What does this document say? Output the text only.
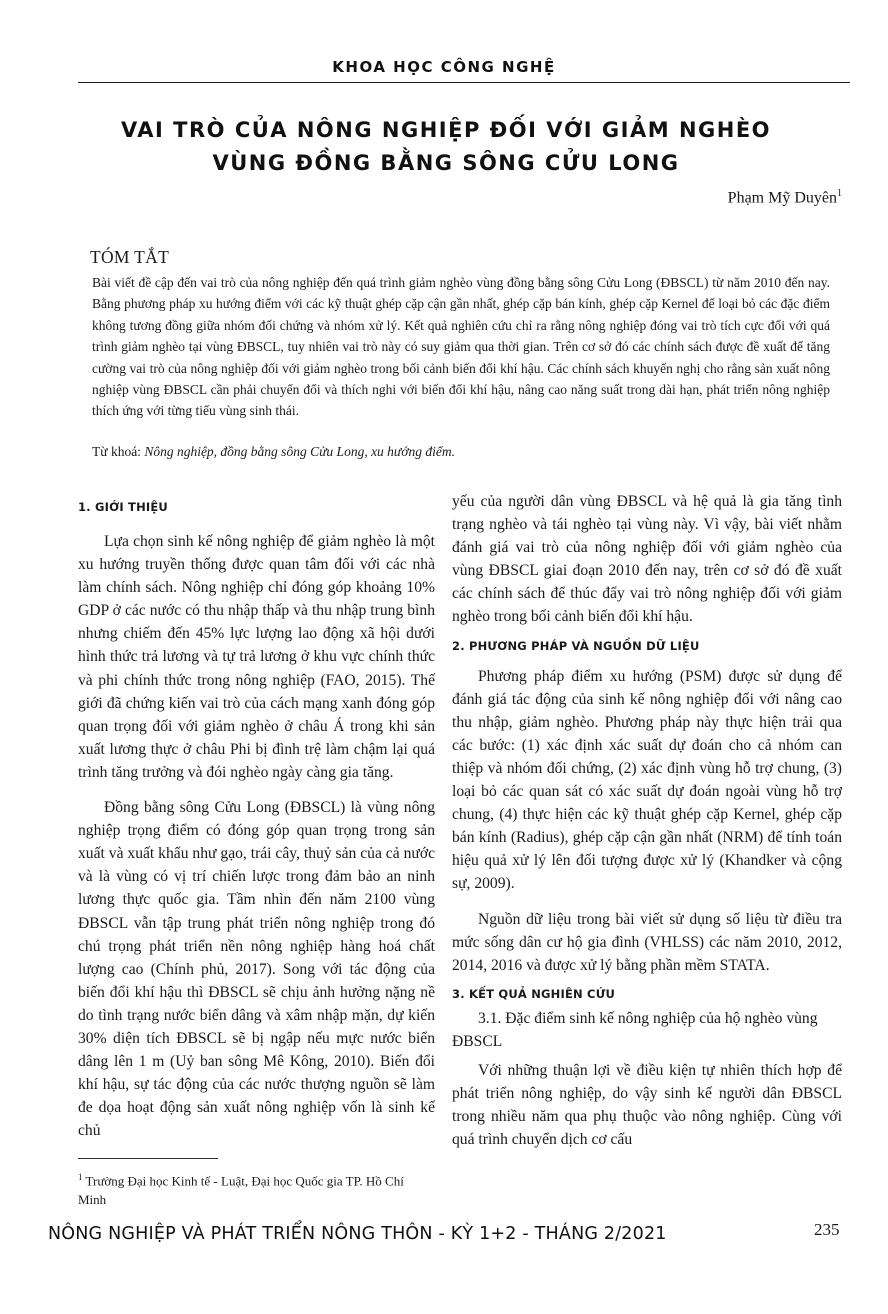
KHOA HỌC CÔNG NGHỆ
VAI TRÒ CỦA NÔNG NGHIỆP ĐỐI VỚI GIẢM NGHÈO
VÙNG ĐỒNG BẰNG SÔNG CỬU LONG
Phạm Mỹ Duyên$^1$
TÓM TẮT
Bài viết đề cập đến vai trò của nông nghiệp đến quá trình giảm nghèo vùng đồng bằng sông Cửu Long (ĐBSCL) từ năm 2010 đến nay. Bằng phương pháp xu hướng điểm với các kỹ thuật ghép cặp cận gần nhất, ghép cặp bán kính, ghép cặp Kernel để loại bỏ các đặc điểm không tương đồng giữa nhóm đối chứng và nhóm xử lý. Kết quả nghiên cứu chỉ ra rằng nông nghiệp đóng vai trò tích cực đối với quá trình giảm nghèo tại vùng ĐBSCL, tuy nhiên vai trò này có suy giảm qua thời gian. Trên cơ sở đó các chính sách được đề xuất để tăng cường vai trò của nông nghiệp đối với giảm nghèo trong bối cảnh biến đổi khí hậu. Các chính sách khuyến nghị cho rằng sản xuất nông nghiệp vùng ĐBSCL cần phải chuyển đổi và thích nghi với biến đổi khí hậu, nâng cao năng suất trong dài hạn, phát triển nông nghiệp thích ứng với từng tiểu vùng sinh thái.
Từ khoá: Nông nghiệp, đồng bằng sông Cửu Long, xu hướng điểm.
1. GIỚI THIỆU

Lựa chọn sinh kế nông nghiệp để giảm nghèo là một xu hướng truyền thống được quan tâm đối với các nhà làm chính sách. Nông nghiệp chỉ đóng góp khoảng 10% GDP ở các nước có thu nhập thấp và thu nhập trung bình nhưng chiếm đến 45% lực lượng lao động xã hội dưới hình thức trả lương và tự trả lương ở khu vực chính thức và phi chính thức trong nông nghiệp (FAO, 2015). Thế giới đã chứng kiến vai trò của cách mạng xanh đóng góp quan trọng đối với giảm nghèo ở châu Á trong khi sản xuất lương thực ở châu Phi bị đình trệ làm chậm lại quá trình tăng trưởng và đói nghèo ngày càng gia tăng.

Đồng bằng sông Cửu Long (ĐBSCL) là vùng nông nghiệp trọng điểm có đóng góp quan trọng trong sản xuất và xuất khẩu như gạo, trái cây, thuỷ sản của cả nước và là vùng có vị trí chiến lược trong đảm bảo an ninh lương thực quốc gia. Tầm nhìn đến năm 2100 vùng ĐBSCL vẫn tập trung phát triển nông nghiệp trong đó chú trọng phát triển nền nông nghiệp hàng hoá chất lượng cao (Chính phủ, 2017). Song với tác động của biến đổi khí hậu thì ĐBSCL sẽ chịu ảnh hưởng nặng nề do tình trạng nước biển dâng và xâm nhập mặn, dự kiến 30% diện tích ĐBSCL sẽ bị ngập nếu mực nước biển dâng lên 1 m (Uỷ ban sông Mê Kông, 2010). Biến đổi khí hậu, sự tác động của các nước thượng nguồn sẽ làm đe dọa hoạt động sản xuất nông nghiệp vốn là sinh kế chủ

yếu của người dân vùng ĐBSCL và hệ quả là gia tăng tình trạng nghèo và tái nghèo tại vùng này. Vì vậy, bài viết nhằm đánh giá vai trò của nông nghiệp đối với giảm nghèo của vùng ĐBSCL giai đoạn 2010 đến nay, trên cơ sở đó đề xuất các chính sách để thúc đẩy vai trò nông nghiệp đối với giảm nghèo trong bối cảnh biến đổi khí hậu.

2. PHƯƠNG PHÁP VÀ NGUỒN DỮ LIỆU

Phương pháp điểm xu hướng (PSM) được sử dụng để đánh giá tác động của sinh kế nông nghiệp đối với nâng cao thu nhập, giảm nghèo. Phương pháp này thực hiện trải qua các bước: (1) xác định xác suất dự đoán cho cả nhóm can thiệp và nhóm đối chứng, (2) xác định vùng hỗ trợ chung, (3) loại bỏ các quan sát có xác suất dự đoán ngoài vùng hỗ trợ chung, (4) thực hiện các kỹ thuật ghép cặp Kernel, ghép cặp bán kính (Radius), ghép cặp cận gần nhất (NRM) để tính toán hiệu quả xử lý lên đối tượng được xử lý (Khandker và cộng sự, 2009).

Nguồn dữ liệu trong bài viết sử dụng số liệu từ điều tra mức sống dân cư hộ gia đình (VHLSS) các năm 2010, 2012, 2014, 2016 và được xử lý bằng phần mềm STATA.

3. KẾT QUẢ NGHIÊN CỨU
3.1. Đặc điểm sinh kế nông nghiệp của hộ nghèo vùng ĐBSCL

Với những thuận lợi về điều kiện tự nhiên thích hợp để phát triển nông nghiệp, do vậy sinh kế người dân ĐBSCL trong nhiều năm qua phụ thuộc vào nông nghiệp. Cùng với quá trình chuyển dịch cơ cấu

$^1$ Trường Đại học Kinh tế - Luật, Đại học Quốc gia TP. Hồ Chí Minh
NÔNG NGHIỆP VÀ PHÁT TRIỂN NÔNG THÔN - KỲ 1+2 - THÁNG 2/2021	235
